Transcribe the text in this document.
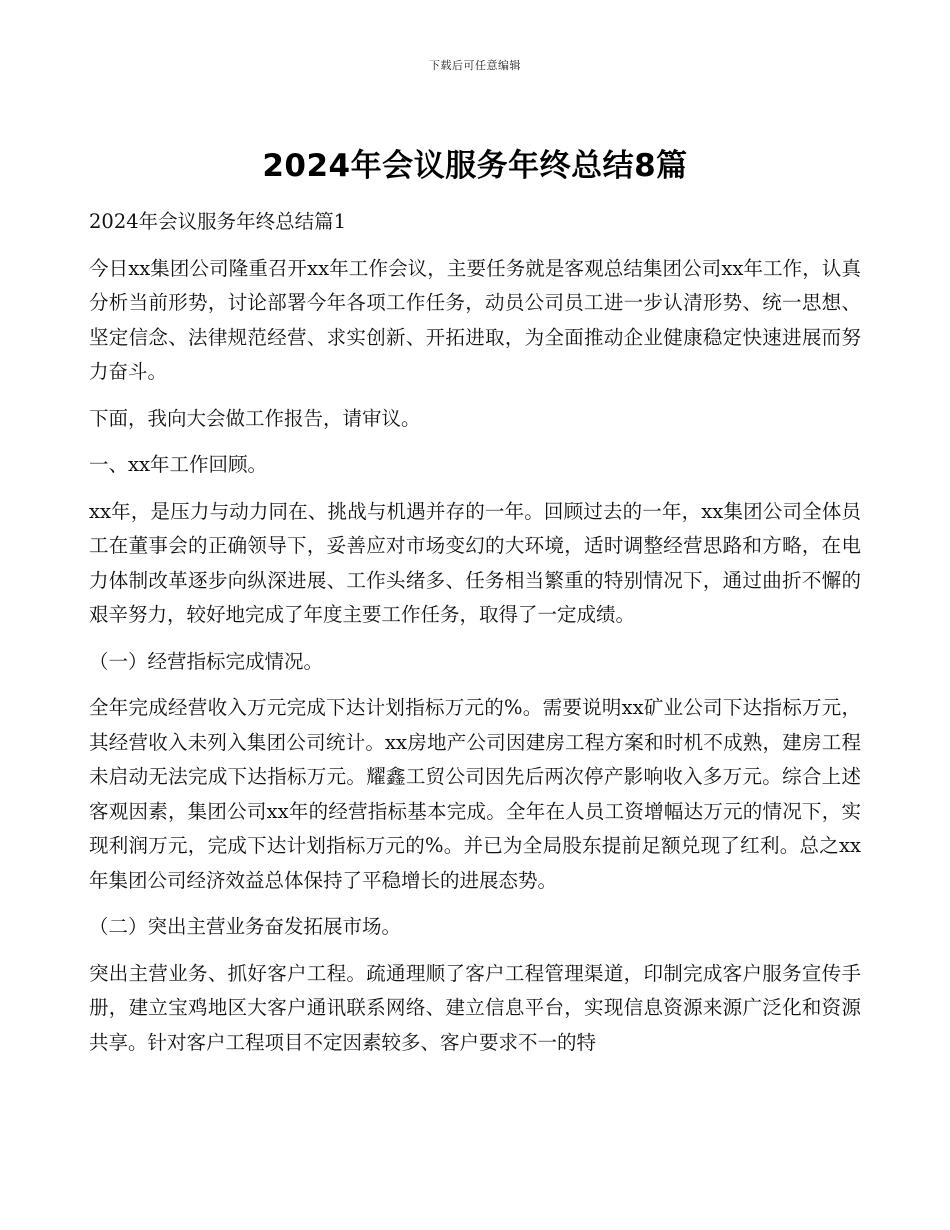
下载后可任意编辑
2024年会议服务年终总结8篇

2024年会议服务年终总结篇1

今日xx集团公司隆重召开xx年工作会议，主要任务就是客观总结集团公司xx年工作，认真分析当前形势，讨论部署今年各项工作任务，动员公司员工进一步认清形势、统一思想、坚定信念、法律规范经营、求实创新、开拓进取，为全面推动企业健康稳定快速进展而努力奋斗。

下面，我向大会做工作报告，请审议。

一、xx年工作回顾。

xx年，是压力与动力同在、挑战与机遇并存的一年。回顾过去的一年，xx集团公司全体员工在董事会的正确领导下，妥善应对市场变幻的大环境，适时调整经营思路和方略，在电力体制改革逐步向纵深进展、工作头绪多、任务相当繁重的特别情况下，通过曲折不懈的艰辛努力，较好地完成了年度主要工作任务，取得了一定成绩。

（一）经营指标完成情况。

全年完成经营收入万元完成下达计划指标万元的%。需要说明xx矿业公司下达指标万元，其经营收入未列入集团公司统计。xx房地产公司因建房工程方案和时机不成熟，建房工程未启动无法完成下达指标万元。耀鑫工贸公司因先后两次停产影响收入多万元。综合上述客观因素，集团公司xx年的经营指标基本完成。全年在人员工资增幅达万元的情况下，实现利润万元，完成下达计划指标万元的%。并已为全局股东提前足额兑现了红利。总之xx年集团公司经济效益总体保持了平稳增长的进展态势。

（二）突出主营业务奋发拓展市场。

突出主营业务、抓好客户工程。疏通理顺了客户工程管理渠道，印制完成客户服务宣传手册，建立宝鸡地区大客户通讯联系网络、建立信息平台，实现信息资源来源广泛化和资源共享。针对客户工程项目不定因素较多、客户要求不一的特
